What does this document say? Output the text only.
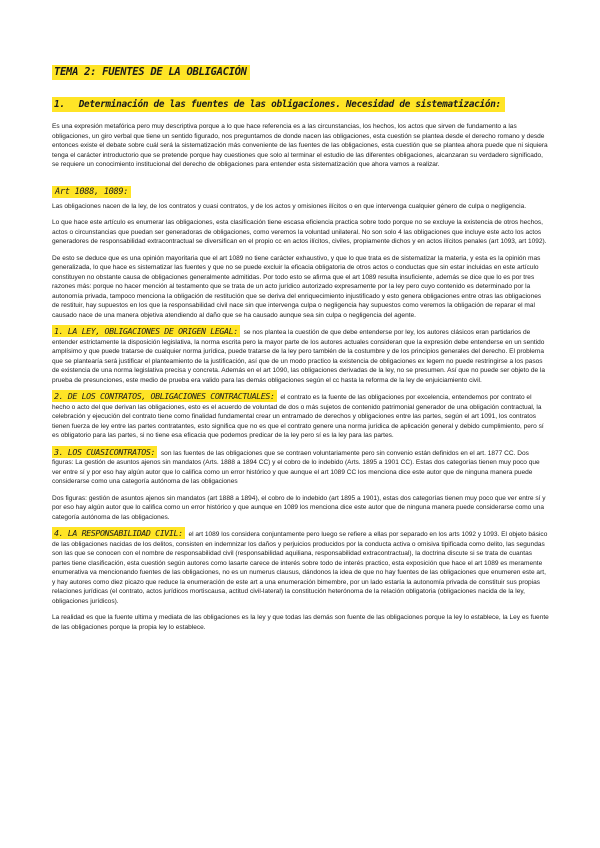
TEMA 2: FUENTES DE LA OBLIGACIÓN
1. Determinación de las fuentes de las obligaciones. Necesidad de sistematización:

Es una expresión metafórica pero muy descriptiva porque a lo que hace referencia es a las circunstancias, los hechos, los actos que sirven de fundamento a las obligaciones, un giro verbal que tiene un sentido figurado, nos preguntamos de donde nacen las obligaciones, esta cuestión se plantea desde el derecho romano y desde entonces existe el debate sobre cuál será la sistematización más conveniente de las fuentes de las obligaciones, esta cuestión que se plantea ahora puede que ni siquiera tenga el carácter introductorio que se pretende porque hay cuestiones que solo al terminar el estudio de las diferentes obligaciones, alcanzaran su verdadero significado, se requiere un conocimiento institucional del derecho de obligaciones para entender esta sistematización que ahora vamos a realizar.

Art 1088, 1089:

Las obligaciones nacen de la ley, de los contratos y cuasi contratos, y de los actos y omisiones ilícitos o en que intervenga cualquier género de culpa o negligencia.

Lo que hace este artículo es enumerar las obligaciones, esta clasificación tiene escasa eficiencia practica sobre todo porque no se excluye la existencia de otros hechos, actos o circunstancias que puedan ser generadoras de obligaciones, como veremos la voluntad unilateral. No son solo 4 las obligaciones que incluye este acto los actos generadores de responsabilidad extracontractual se diversifican en el propio cc en actos ilícitos, civiles, propiamente dichos y en actos ilícitos penales (art 1093, art 1092).

De esto se deduce que es una opinión mayoritaria que el art 1089 no tiene carácter exhaustivo, y que lo que trata es de sistematizar la materia, y esta es la opinión mas generalizada, lo que hace es sistematizar las fuentes y que no se puede excluir la eficacia obligatoria de otros actos o conductas que sin estar incluidas en este artículo constituyen no obstante causa de obligaciones generalmente admitidas. Por todo esto se afirma que el art 1089 resulta insuficiente, además se dice que lo es por tres razones más: porque no hacer mención al testamento que se trata de un acto jurídico autorizado expresamente por la ley pero cuyo contenido es determinado por la autonomía privada, tampoco menciona la obligación de restitución que se deriva del enriquecimiento injustificado y esto genera obligaciones entre otras las obligaciones de restituir, hay supuestos en los que la responsabilidad civil nace sin que intervenga culpa o negligencia hay supuestos como veremos la obligación de reparar el mal causado nace de una manera objetiva atendiendo al daño que se ha causado aunque sea sin culpa o negligencia del agente.

1. LA LEY, OBLIGACIONES DE ORIGEN LEGAL: se nos plantea la cuestión de que debe entenderse por ley, los autores clásicos eran partidarios de entender estrictamente la disposición legislativa, la norma escrita pero la mayor parte de los autores actuales consideran que la expresión debe entenderse en un sentido amplísimo y que puede tratarse de cualquier norma jurídica, puede tratarse de la ley pero también de la costumbre y de los principios generales del derecho. El problema que se plantearía será justificar el planteamiento de la justificación, así que de un modo practico la existencia de obligaciones ex legem no puede restringirse a los pasos de existencia de una norma legislativa precisa y concreta. Además en el art 1090, las obligaciones derivadas de la ley, no se presumen. Así que no puede ser objeto de la prueba de presunciones, este medio de prueba era valido para las demás obligaciones según el cc hasta la reforma de la ley de enjuiciamiento civil.

2. DE LOS CONTRATOS, OBLIGACIONES CONTRACTUALES: el contrato es la fuente de las obligaciones por excelencia, entendemos por contrato el hecho o acto del que derivan las obligaciones, esto es el acuerdo de voluntad de dos o más sujetos de contenido patrimonial generador de una obligación contractual, la celebración y ejecución del contrato tiene como finalidad fundamental crear un entramado de derechos y obligaciones entre las partes, según el art 1091, los contratos tienen fuerza de ley entre las partes contratantes, esto significa que no es que el contrato genere una norma jurídica de aplicación general y debido cumplimiento, pero sí es obligatorio para las partes, si no tiene esa eficacia que podemos predicar de la ley pero sí es la ley para las partes.

3. LOS CUASICONTRATOS: son las fuentes de las obligaciones que se contraen voluntariamente pero sin convenio están definidos en el art. 1877 CC. Dos figuras: La gestión de asuntos ajenos sin mandatos (Arts. 1888 a 1894 CC) y el cobro de lo indebido (Arts. 1895 a 1901 CC). Estas dos categorías tienen muy poco que ver entre sí y por eso hay algún autor que lo califica como un error histórico y que aunque el art 1089 CC los menciona dice este autor que de ninguna manera puede considerarse como una categoría autónoma de las obligaciones

Dos figuras: gestión de asuntos ajenos sin mandatos (art 1888 a 1894), el cobro de lo indebido (art 1895 a 1901), estas dos categorías tienen muy poco que ver entre sí y por eso hay algún autor que lo califica como un error histórico y que aunque en 1089 los menciona dice este autor que de ninguna manera puede considerarse como una categoría autónoma de las obligaciones.

4. LA RESPONSABILIDAD CIVIL: el art 1089 los considera conjuntamente pero luego se refiere a ellas por separado en los arts 1092 y 1093. El objeto básico de las obligaciones nacidas de los delitos, consisten en indemnizar los daños y perjuicios producidos por la conducta activa o omisiva tipificada como delito, las segundas son las que se conocen con el nombre de responsabilidad civil (responsabilidad aquiliana, responsabilidad extracontractual), la doctrina discute si se trata de cuantas partes tiene clasificación, esta cuestión según autores como lasarte carece de interés sobre todo de interés practico, esta exposición que hace el art 1089 es meramente enumerativa va mencionando fuentes de las obligaciones, no es un numerus clausus, dándonos la idea de que no hay fuentes de las obligaciones que enumeren este art, y hay autores como diez picazo que reduce la enumeración de este art a una enumeración bimembre, por un lado estaría la autonomía privada de constituir sus propias relaciones jurídicas (el contrato, actos jurídicos mortiscausa, actitud civil-lateral) la constitución heterónoma de la relación obligatoria (obligaciones nacida de la ley, obligaciones jurídicos).

La realidad es que la fuente ultima y mediata de las obligaciones es la ley y que todas las demás son fuente de las obligaciones porque la ley lo establece, la Ley es fuente de las obligaciones porque la propia ley lo establece.
